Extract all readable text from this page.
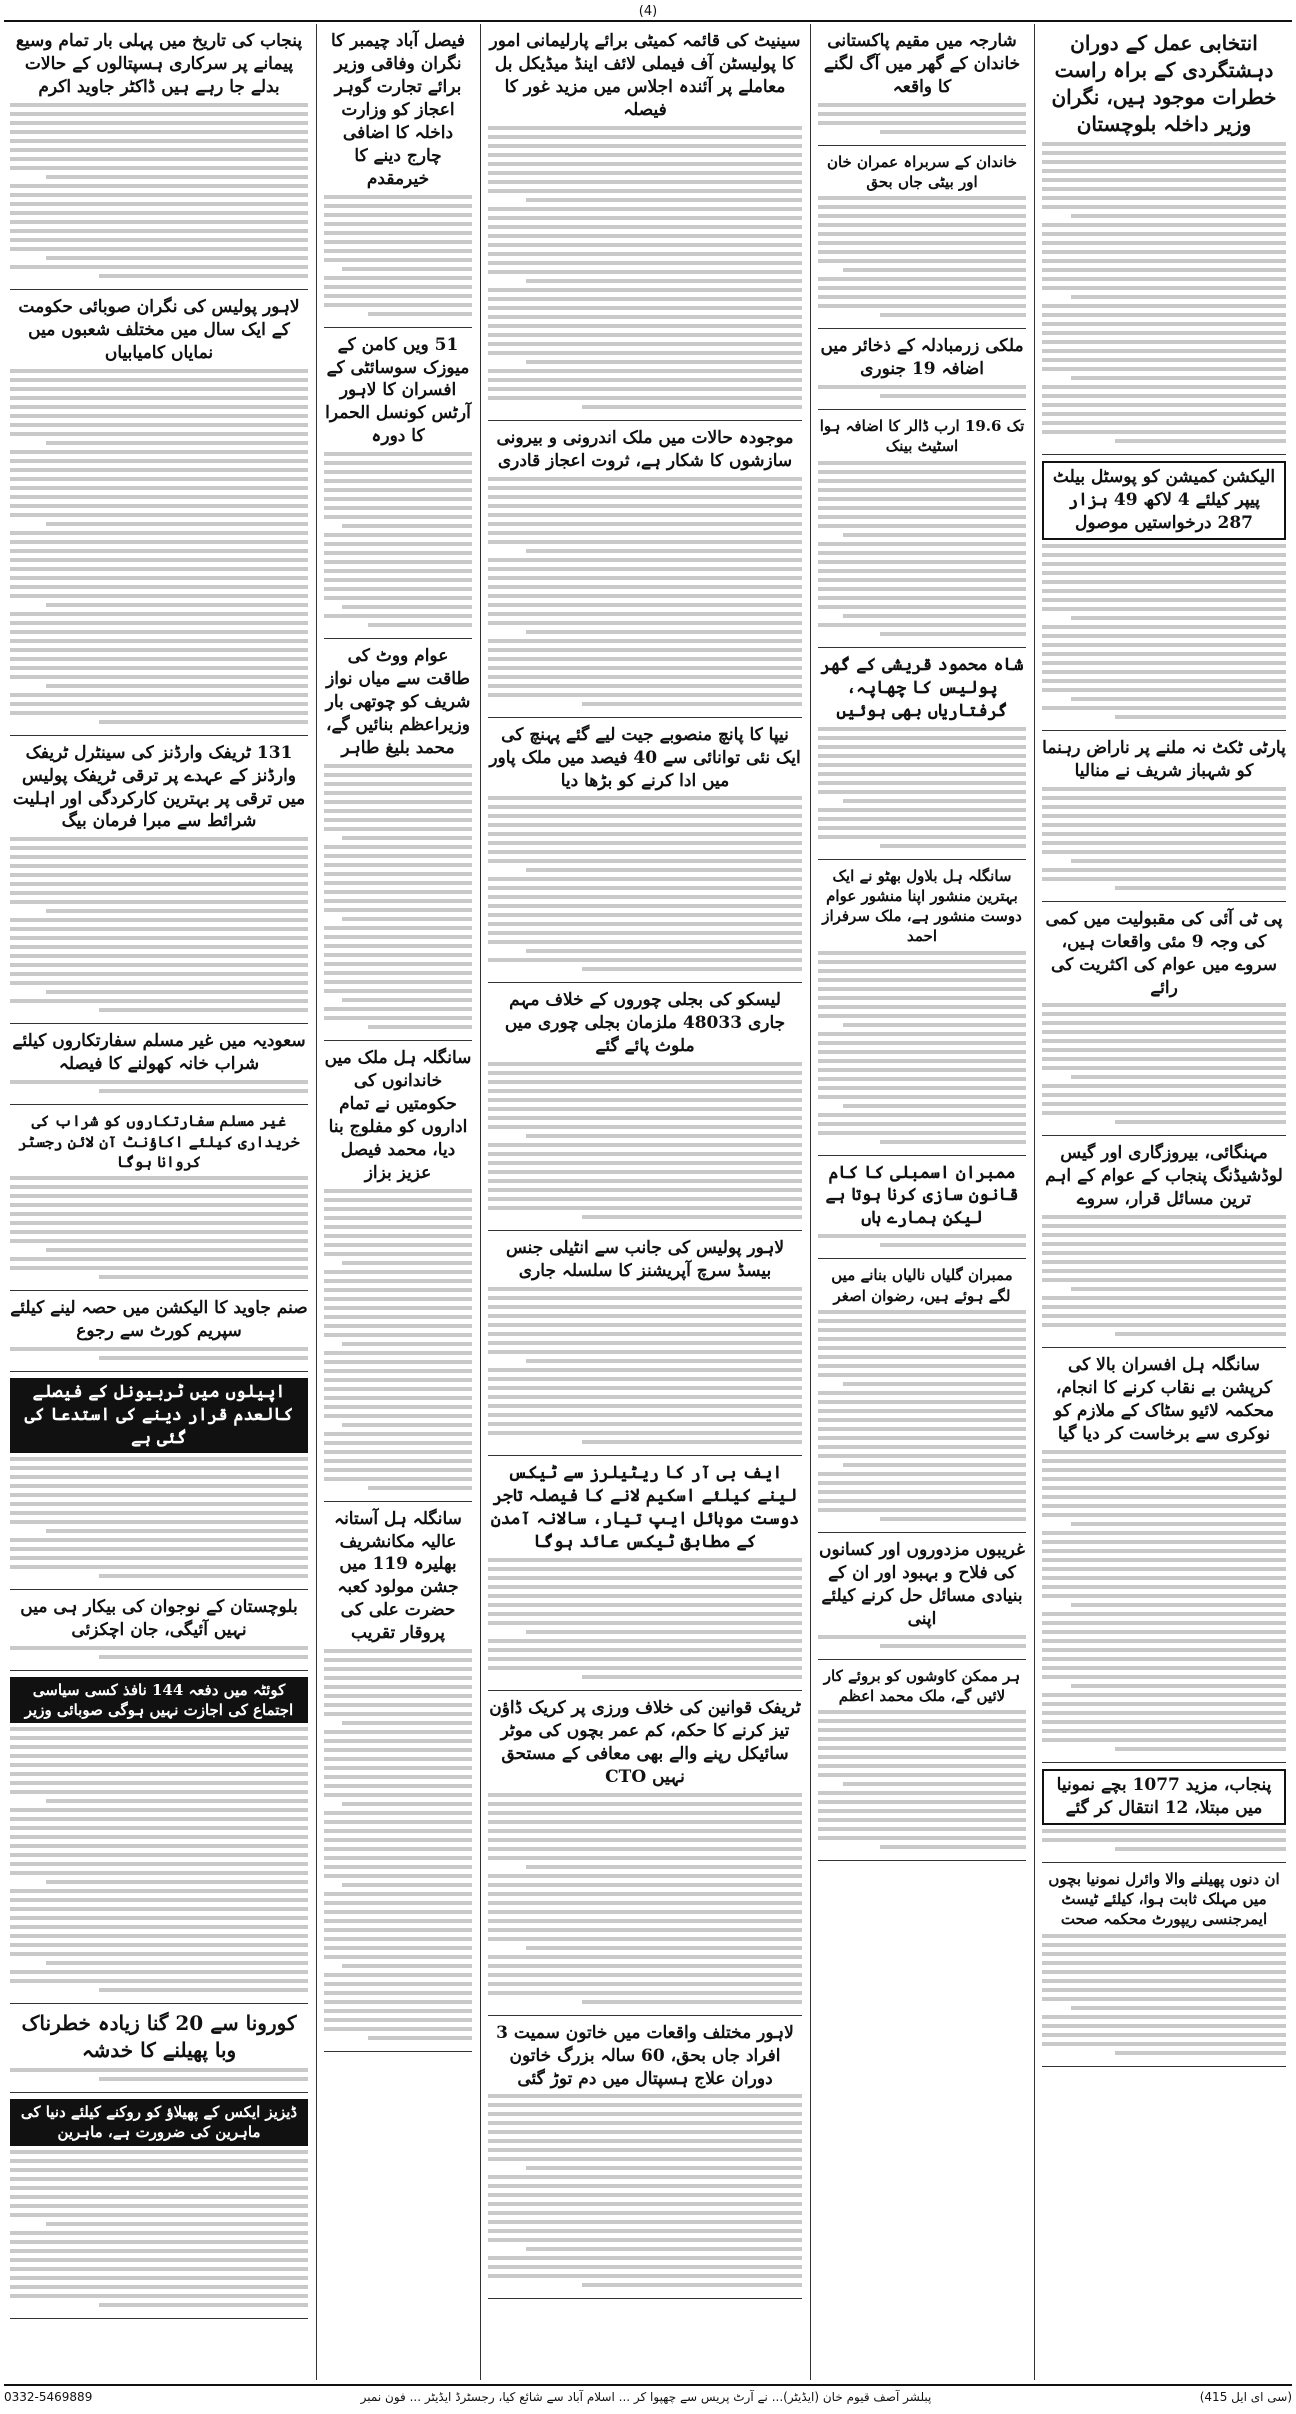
(4)
انتخابی عمل کے دوران دہشتگردی کے براہ راست خطرات موجود ہیں، نگران وزیر داخلہ بلوچستان
الیکشن کمیشن کو پوسٹل بیلٹ پیپر کیلئے 4 لاکھ 49 ہزار 287 درخواستیں موصول
پارٹی ٹکٹ نہ ملنے پر ناراض رہنما کو شہباز شریف نے منالیا
پی ٹی آئی کی مقبولیت میں کمی کی وجہ 9 مئی واقعات ہیں، سروے میں عوام کی اکثریت کی رائے
مہنگائی، بیروزگاری اور گیس لوڈشیڈنگ پنجاب کے عوام کے اہم ترین مسائل قرار، سروے
سانگلہ ہل افسران بالا کی کرپشن بے نقاب کرنے کا انجام، محکمہ لائیو سٹاک کے ملازم کو نوکری سے برخاست کر دیا گیا
پنجاب، مزید 1077 بچے نمونیا میں مبتلا، 12 انتقال کر گئے
ان دنوں پھیلنے والا وائرل نمونیا بچوں میں مہلک ثابت ہوا، کیلئے ٹیسٹ ایمرجنسی ریپورٹ محکمہ صحت
شارجہ میں مقیم پاکستانی خاندان کے گھر میں آگ لگنے کا واقعہ
خاندان کے سربراہ عمران خان اور بیٹی جاں بحق
ملکی زرمبادلہ کے ذخائر میں اضافہ 19 جنوری
تک 19.6 ارب ڈالر کا اضافہ ہوا اسٹیٹ بینک
شاہ محمود قریشی کے گھر پولیس کا چھاپہ، گرفتاریاں بھی ہوئیں
سانگلہ ہل بلاول بھٹو نے ایک بہترین منشور اپنا منشور عوام دوست منشور ہے، ملک سرفراز احمد
ممبران اسمبلی کا کام قانون سازی کرنا ہوتا ہے لیکن ہمارے ہاں
ممبران گلیاں نالیاں بنانے میں لگے ہوئے ہیں، رضوان اصغر
غریبوں مزدوروں اور کسانوں کی فلاح و بہبود اور ان کے بنیادی مسائل حل کرنے کیلئے اپنی
ہر ممکن کاوشوں کو بروئے کار لائیں گے، ملک محمد اعظم
سینیٹ کی قائمہ کمیٹی برائے پارلیمانی امور کا پولیسٹن آف فیملی لائف اینڈ میڈیکل بل معاملے پر آئندہ اجلاس میں مزید غور کا فیصلہ
موجودہ حالات میں ملک اندرونی و بیرونی سازشوں کا شکار ہے، ثروت اعجاز قادری
نیپا کا پانچ منصوبے جیت لیے گئے پہنچ کی ایک نئی توانائی سے 40 فیصد میں ملک پاور میں ادا کرنے کو بڑھا دیا
لیسکو کی بجلی چوروں کے خلاف مہم جاری 48033 ملزمان بجلی چوری میں ملوث پائے گئے
لاہور پولیس کی جانب سے انٹیلی جنس بیسڈ سرچ آپریشنز کا سلسلہ جاری
ایف بی آر کا ریٹیلرز سے ٹیکس لینے کیلئے اسکیم لانے کا فیصلہ تاجر دوست موبائل ایپ تیار، سالانہ آمدن کے مطابق ٹیکس عائد ہوگا
ٹریفک قوانین کی خلاف ورزی پر کریک ڈاؤن تیز کرنے کا حکم، کم عمر بچوں کی موٹر سائیکل رپنے والے بھی معافی کے مستحق نہیں CTO
لاہور مختلف واقعات میں خاتون سمیت 3 افراد جاں بحق، 60 سالہ بزرگ خاتون دوران علاج ہسپتال میں دم توڑ گئی
فیصل آباد چیمبر کا نگران وفاقی وزیر برائے تجارت گوہر اعجاز کو وزارت داخلہ کا اضافی چارج دینے کا خیرمقدم
51 ویں کامن کے میوزک سوسائٹی کے افسران کا لاہور آرٹس کونسل الحمرا کا دورہ
عوام ووٹ کی طاقت سے میاں نواز شریف کو چوتھی بار وزیراعظم بنائیں گے، محمد بلیغ طاہر
سانگلہ ہل ملک میں خاندانوں کی حکومتیں نے تمام اداروں کو مفلوج بنا دیا، محمد فیصل عزیز بزاز
سانگلہ ہل آستانہ عالیہ مکانشریف بھلیرہ 119 میں جشن مولود کعبہ حضرت علی کی پروقار تقریب
پنجاب کی تاریخ میں پہلی بار تمام وسیع پیمانے پر سرکاری ہسپتالوں کے حالات بدلے جا رہے ہیں ڈاکٹر جاوید اکرم
لاہور پولیس کی نگران صوبائی حکومت کے ایک سال میں مختلف شعبوں میں نمایاں کامیابیاں
131 ٹریفک وارڈنز کی سینٹرل ٹریفک وارڈنز کے عہدے پر ترقی ٹریفک پولیس میں ترقی پر بہترین کارکردگی اور اہلیت شرائط سے مبرا فرمان بیگ
سعودیہ میں غیر مسلم سفارتکاروں کیلئے شراب خانہ کھولنے کا فیصلہ
غیر مسلم سفارتکاروں کو شراب کی خریداری کیلئے اکاؤنٹ آن لائن رجسٹر کروانا ہوگا
صنم جاوید کا الیکشن میں حصہ لینے کیلئے سپریم کورٹ سے رجوع
اپیلوں میں ٹربیونل کے فیصلے کالعدم قرار دینے کی استدعا کی گئی ہے
بلوچستان کے نوجوان کی بیکار ہی میں نہیں آئیگی، جان اچکزئی
کوئٹہ میں دفعہ 144 نافذ کسی سیاسی اجتماع کی اجازت نہیں ہوگی صوبائی وزیر
کورونا سے 20 گنا زیادہ خطرناک وبا پھیلنے کا خدشہ
ڈیزیز ایکس کے پھیلاؤ کو روکنے کیلئے دنیا کی ماہرین کی ضرورت ہے، ماہرین
(سی ای ایل 415)
پبلشر آصف قیوم خان (ایڈیٹر)... نے آرٹ پریس سے چھپوا کر ... اسلام آباد سے شائع کیا، رجسٹرڈ ایڈیٹر ... فون نمبر
0332-5469889
